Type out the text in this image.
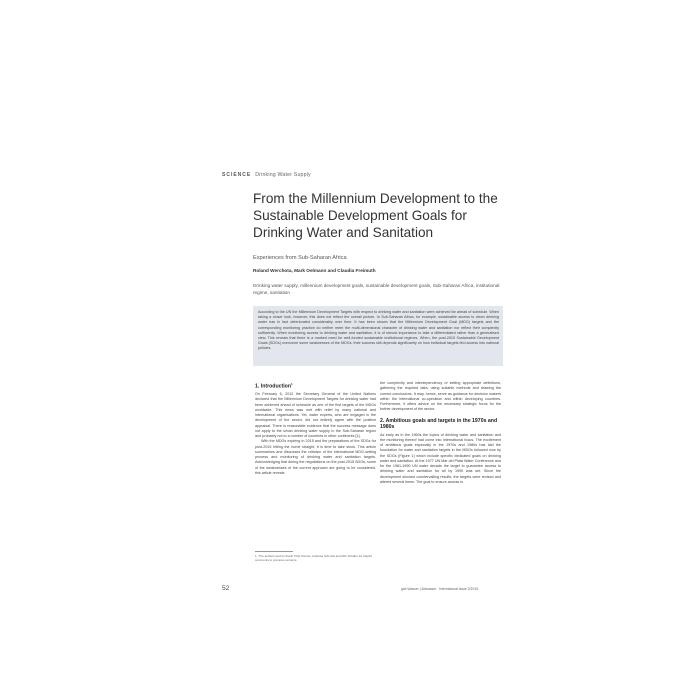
SCIENCE Drinking Water Supply
From the Millennium Development to the Sustainable Development Goals for Drinking Water and Sanitation
Experiences from Sub-Saharan Africa
Roland Werchota, Mark Oelmann and Claudia Freimuth
Drinking water supply, millennium development goals, sustainable development goals, Sub-Saharan Africa, institutional regime, sanitation

According to the UN the Millennium Development Targets with respect to drinking water and sanitation were achieved far ahead of schedule. When taking a closer look, however, this does not reflect the overall picture. In Sub-Saharan Africa, for example, sustainable access to clean drinking water has in fact deteriorated considerably over time. It has been shown that the Millennium Development Goal (MDG) targets and the corresponding monitoring practice do neither meet the multi-dimensional character of drinking water and sanitation nor reflect their complexity sufficiently. When monitoring access to drinking water and sanitation, it is of utmost importance to take a differentiated rather than a generalised view. This reveals that there is a marked need for well-funded sustainable institutional regimes. When, the post-2015 Sustainable Development Goals (SDGs) overcome some weaknesses of the MDGs, their success still depends significantly on how individual targets find access into national policies.

1. Introduction$^1$

On February 6, 2012 the Secretary General of the United Nations declared that the Millennium Development Targets for drinking water had been achieved ahead of schedule as one of the first targets of the MDGs worldwide. This news was met with relief by many national and international organisations. Yet, water experts, who are engaged in the development of the sector, did not entirely agree with the positive appraisal. There is reasonable evidence that the success message does not apply to the urban drinking water supply in the Sub-Saharan region and probably not to a number of countries in other continents [1].

With the MDGs expiring in 2015 and the preparations of the SDGs for post-2015 hitting the home straight, it is time to take stock. This article summarises and discusses the criticism of the international MDG-setting process and monitoring of drinking water and sanitation targets. Acknowledging that during the negotiations on the post-2015 SDGs, some of the weaknesses of the current approach are going to be considered, this article reveals

the complexity and interdependency of setting appropriate definitions, gathering the required data, using suitable methods and drawing the correct conclusions. It may, hence, serve as guidance for decision makers within the international co-operation and within developing countries. Furthermore, it offers advice on the necessary strategic focus for the further development of the sector.

2. Ambitious goals and targets in the 1970s and 1980s

As early as in the 1960s the topics of drinking water and sanitation and the monitoring thereof had come into international focus. The excitement of ambitious goals especially in the 1970s and 1980s has laid the foundation for water and sanitation targets in the MDGs followed now by the SDGs (Figure 1) which include specific dedicated goals on drinking water and sanitation. At the 1977 UN Mar del Plata Water Conference and for the 1981-1990 UN water decade the target to guarantee access to drinking water and sanitation for all by 1990 was set. Since the development showed countervailing results, the targets were revised and altered several times. The goal to ensure access to

1 The authors wish to thank Thilo Panzer, Andreas Schmidt and Dirk Schäfer for helpful comments to previous versions.
52	gwf-Wasser | Abwasser International Issue 2/2015
